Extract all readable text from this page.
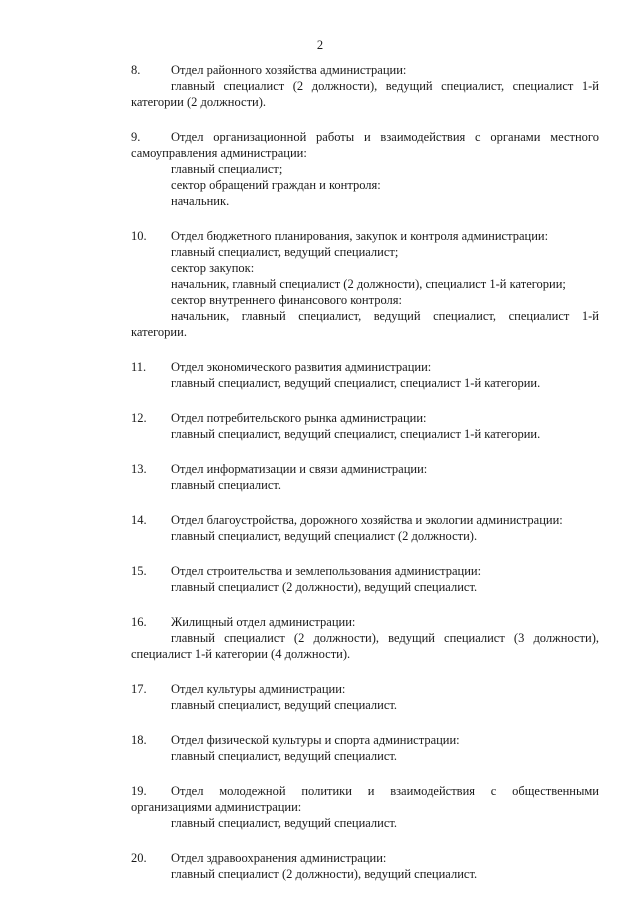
2
8.	Отдел районного хозяйства администрации:
главный специалист (2 должности), ведущий специалист, специалист 1-й
категории (2 должности).
9.	Отдел организационной работы и взаимодействия с органами местного
самоуправления администрации:
главный специалист;
сектор обращений граждан и контроля:
начальник.
10.	Отдел бюджетного планирования, закупок и контроля администрации:
главный специалист, ведущий специалист;
сектор закупок:
начальник, главный специалист (2 должности), специалист 1-й категории;
сектор внутреннего финансового контроля:
начальник, главный специалист, ведущий специалист, специалист 1-й
категории.
11.	Отдел экономического развития администрации:
главный специалист, ведущий специалист, специалист 1-й категории.
12.	Отдел потребительского рынка администрации:
главный специалист, ведущий специалист, специалист 1-й категории.
13.	Отдел информатизации и связи администрации:
главный специалист.
14.	Отдел благоустройства, дорожного хозяйства и экологии администрации:
главный специалист, ведущий специалист (2 должности).
15.	Отдел строительства и землепользования администрации:
главный специалист (2 должности), ведущий специалист.
16.	Жилищный отдел администрации:
главный специалист (2 должности), ведущий специалист (3 должности),
специалист 1-й категории (4 должности).
17.	Отдел культуры администрации:
главный специалист, ведущий специалист.
18.	Отдел физической культуры и спорта администрации:
главный специалист, ведущий специалист.
19.	Отдел молодежной политики и взаимодействия с общественными
организациями администрации:
главный специалист, ведущий специалист.
20.	Отдел здравоохранения администрации:
главный специалист (2 должности), ведущий специалист.
